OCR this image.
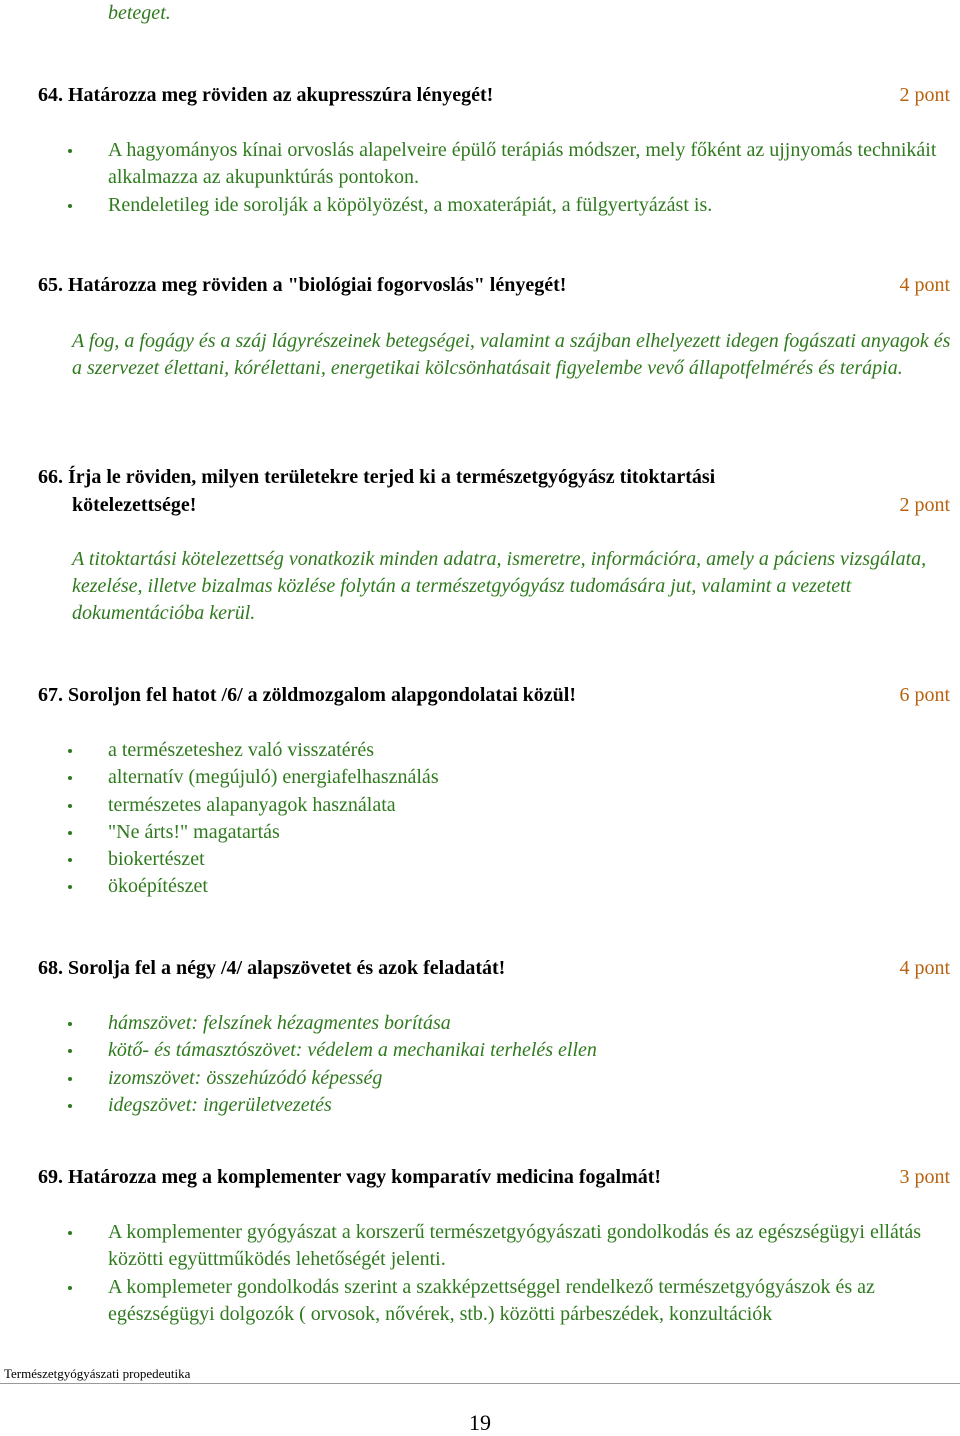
beteget.
64. Határozza meg röviden az akupresszúra lényegét!	2 pont
A hagyományos kínai orvoslás alapelveire épülő terápiás módszer, mely főként az ujjnyomás technikáit alkalmazza az akupunktúrás pontokon.
Rendeletileg ide sorolják a köpölyözést, a moxaterápiát, a fülgyertyázást is.
65. Határozza meg röviden a "biológiai fogorvoslás" lényegét!	4 pont
A fog, a fogágy és a száj lágyrészeinek betegségei, valamint a szájban elhelyezett idegen fogászati anyagok és a szervezet élettani, kórélettani, energetikai kölcsönhatásait figyelembe vevő állapotfelmérés és terápia.
66. Írja le röviden, milyen területekre terjed ki a természetgyógyász titoktartási
kötelezettsége!	2 pont
A titoktartási kötelezettség vonatkozik minden adatra, ismeretre, információra, amely a páciens vizsgálata, kezelése, illetve bizalmas közlése folytán a természetgyógyász tudomására jut, valamint a vezetett dokumentációba kerül.
67. Soroljon fel hatot /6/ a zöldmozgalom alapgondolatai közül!	6 pont
a természeteshez való visszatérés
alternatív (megújuló) energiafelhasználás
természetes alapanyagok használata
"Ne árts!" magatartás
biokertészet
ökoépítészet
68. Sorolja fel a négy /4/ alapszövetet és azok feladatát!	4 pont
hámszövet: felszínek hézagmentes borítása
kötő- és támasztószövet: védelem a mechanikai terhelés ellen
izomszövet: összehúzódó képesség
idegszövet: ingerületvezetés
69. Határozza meg a komplementer vagy komparatív medicina fogalmát!	3 pont
A komplementer gyógyászat a korszerű természetgyógyászati gondolkodás és az egészségügyi ellátás közötti együttműködés lehetőségét jelenti.
A komplemeter gondolkodás szerint a szakképzettséggel rendelkező természetgyógyászok és az egészségügyi dolgozók ( orvosok, nővérek, stb.) közötti párbeszédek, konzultációk
Természetgyógyászati propedeutika
19
